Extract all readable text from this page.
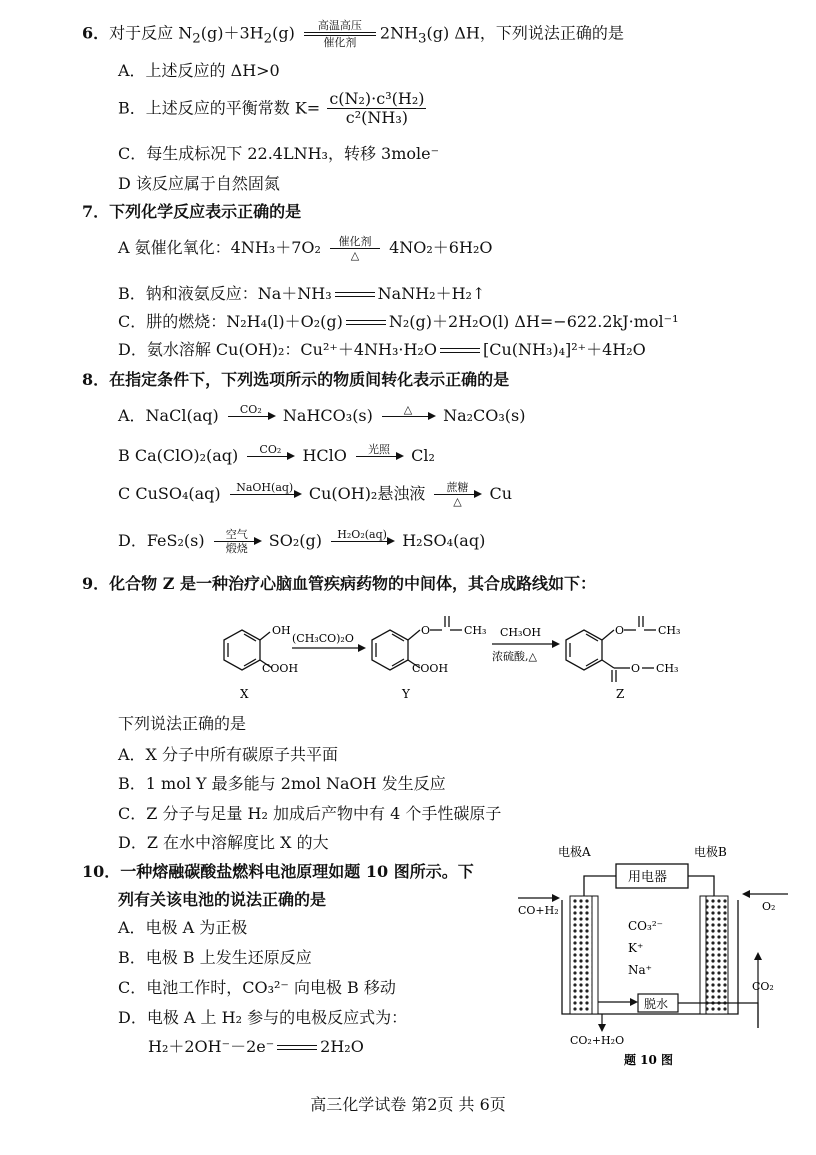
6．对于反应 $N_2(g)+3H_2(g)$	高温高压
催化剂	$2NH_3(g)$ ΔH，下列说法正确的是
A．上述反应的 ΔH>0
B．上述反应的平衡常数 $K= \frac{\text{c(N₂)·c³(H₂)}}{\text{c²(NH₃)}}$
C．每生成标况下 22.4LNH₃，转移 3mole⁻
D 该反应属于自然固氮
7．下列化学反应表示正确的是
A 氨催化氧化：4NH₃＋7O₂	催化剂
△	4NO₂＋6H₂O
B．钠和液氨反应：Na＋NH₃	NaNH₂＋H₂↑
C．肼的燃烧：N₂H₄(l)＋O₂(g)	N₂(g)＋2H₂O(l) ΔH=−622.2kJ·mol⁻¹
D．氨水溶解 Cu(OH)₂：Cu²⁺＋4NH₃·H₂O	[Cu(NH₃)₄]²⁺＋4H₂O
8．在指定条件下，下列选项所示的物质间转化表示正确的是
A．NaCl(aq)	CO₂
	NaHCO₃(s)	△
	Na₂CO₃(s)
B Ca(ClO)₂(aq)	CO₂
	HClO	光照
	Cl₂
C CuSO₄(aq)	NaOH(aq)
Cu(OH)₂悬浊液	蔗糖
△	Cu
D．FeS₂(s)	空气
煅烧	SO₂(g)	H₂O₂(aq)
H₂SO₄(aq)
9．化合物 Z 是一种治疗心脑血管疾病药物的中间体，其合成路线如下：
OH
COOH
X
(CH₃CO)₂O
O	CH₃
COOH
Y
CH₃OH
浓硫酸,△
O	CH₃
O CH₃
Z
下列说法正确的是
A．X 分子中所有碳原子共平面
B．1 mol Y 最多能与 2mol NaOH 发生反应
C．Z 分子与足量 H₂ 加成后产物中有 4 个手性碳原子
D．Z 在水中溶解度比 X 的大
10．一种熔融碳酸盐燃料电池原理如题 10 图所示。下
列有关该电池的说法正确的是
A．电极 A 为正极
B．电极 B 上发生还原反应
C．电池工作时，CO₃²⁻ 向电极 B 移动
D．电极 A 上 H₂ 参与的电极反应式为：
H₂＋2OH⁻－2e⁻	2H₂O
电极A	电极B
用电器
CO+H₂	O₂
CO₃²⁻
K⁺
Na⁺
CO₂
脱水
CO₂+H₂O
题 10 图
高三化学试卷 第2页 共 6页
